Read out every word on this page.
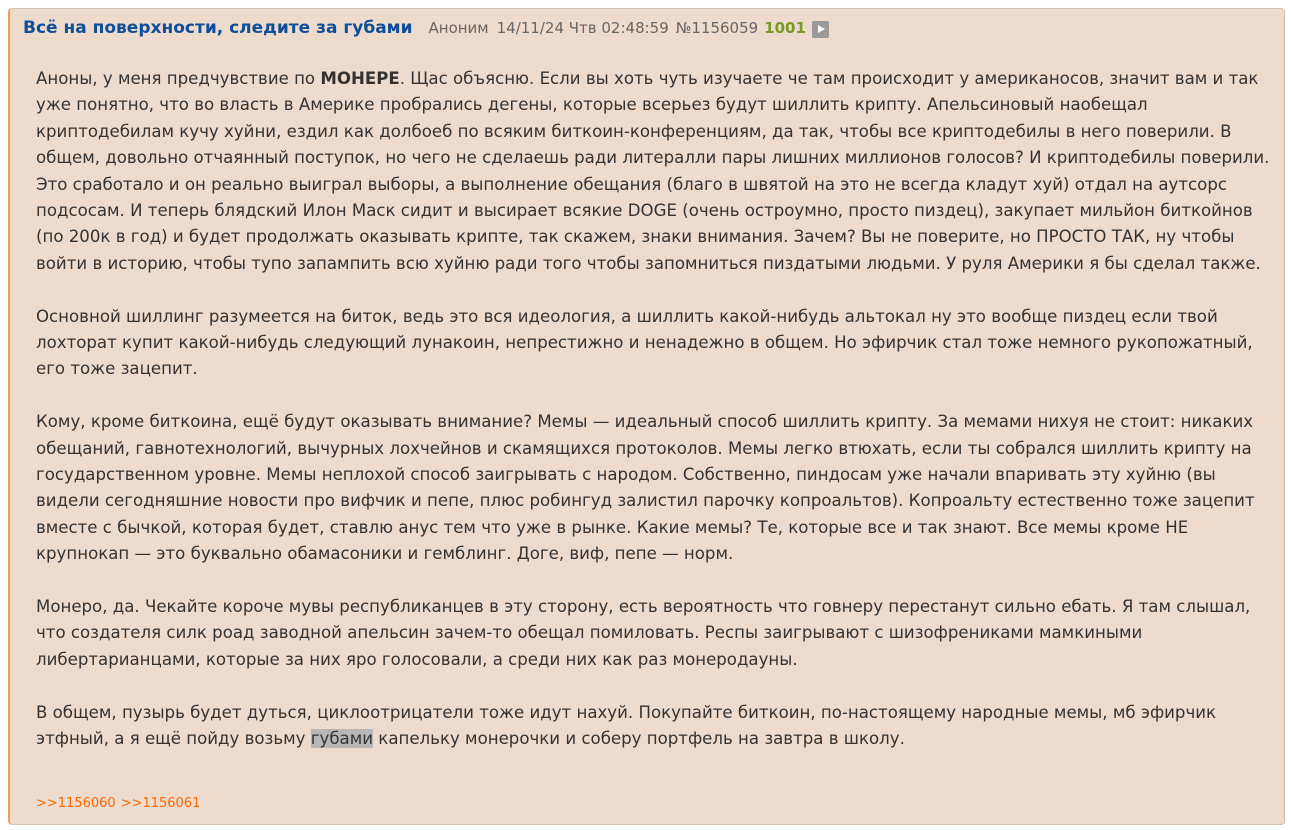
Всё на поверхности, следите за губами Аноним 14/11/24 Чтв 02:48:59 №1156059 1001

Аноны, у меня предчувствие по МОНЕРЕ. Щас объясню. Если вы хоть чуть изучаете че там происходит у американосов, значит вам и так уже понятно, что во власть в Америке пробрались дегены, которые всерьез будут шиллить крипту. Апельсиновый наобещал криптодебилам кучу хуйни, ездил как долбоеб по всяким биткоин-конференциям, да так, чтобы все криптодебилы в него поверили. В общем, довольно отчаянный поступок, но чего не сделаешь ради литералли пары лишних миллионов голосов? И криптодебилы поверили. Это сработало и он реально выиграл выборы, а выполнение обещания (благо в швятой на это не всегда кладут хуй) отдал на аутсорс подсосам. И теперь блядский Илон Маск сидит и высирает всякие DOGE (очень остроумно, просто пиздец), закупает мильйон биткойнов (по 200к в год) и будет продолжать оказывать крипте, так скажем, знаки внимания. Зачем? Вы не поверите, но ПРОСТО ТАК, ну чтобы войти в историю, чтобы тупо запампить всю хуйню ради того чтобы запомниться пиздатыми людьми. У руля Америки я бы сделал также.

Основной шиллинг разумеется на биток, ведь это вся идеология, а шиллить какой-нибудь альтокал ну это вообще пиздец если твой лохторат купит какой-нибудь следующий лунакоин, непрестижно и ненадежно в общем. Но эфирчик стал тоже немного рукопожатный, его тоже зацепит.

Кому, кроме биткоина, ещё будут оказывать внимание? Мемы — идеальный способ шиллить крипту. За мемами нихуя не стоит: никаких обещаний, гавнотехнологий, вычурных лохчейнов и скамящихся протоколов. Мемы легко втюхать, если ты собрался шиллить крипту на государственном уровне. Мемы неплохой способ заигрывать с народом. Собственно, пиндосам уже начали впаривать эту хуйню (вы видели сегодняшние новости про вифчик и пепе, плюс робингуд залистил парочку копроальтов). Копроальту естественно тоже зацепит вместе с бычкой, которая будет, ставлю анус тем что уже в рынке. Какие мемы? Те, которые все и так знают. Все мемы кроме НЕ крупнокап — это буквально обамасоники и гемблинг. Доге, виф, пепе — норм.

Монеро, да. Чекайте короче мувы республиканцев в эту сторону, есть вероятность что говнеру перестанут сильно ебать. Я там слышал, что создателя силк роад заводной апельсин зачем-то обещал помиловать. Респы заигрывают с шизофрениками мамкиными либертарианцами, которые за них яро голосовали, а среди них как раз монеродауны.

В общем, пузырь будет дуться, циклоотрицатели тоже идут нахуй. Покупайте биткоин, по-настоящему народные мемы, мб эфирчик этфный, а я ещё пойду возьму губами капельку монерочки и соберу портфель на завтра в школу.

>>1156060 >>1156061
